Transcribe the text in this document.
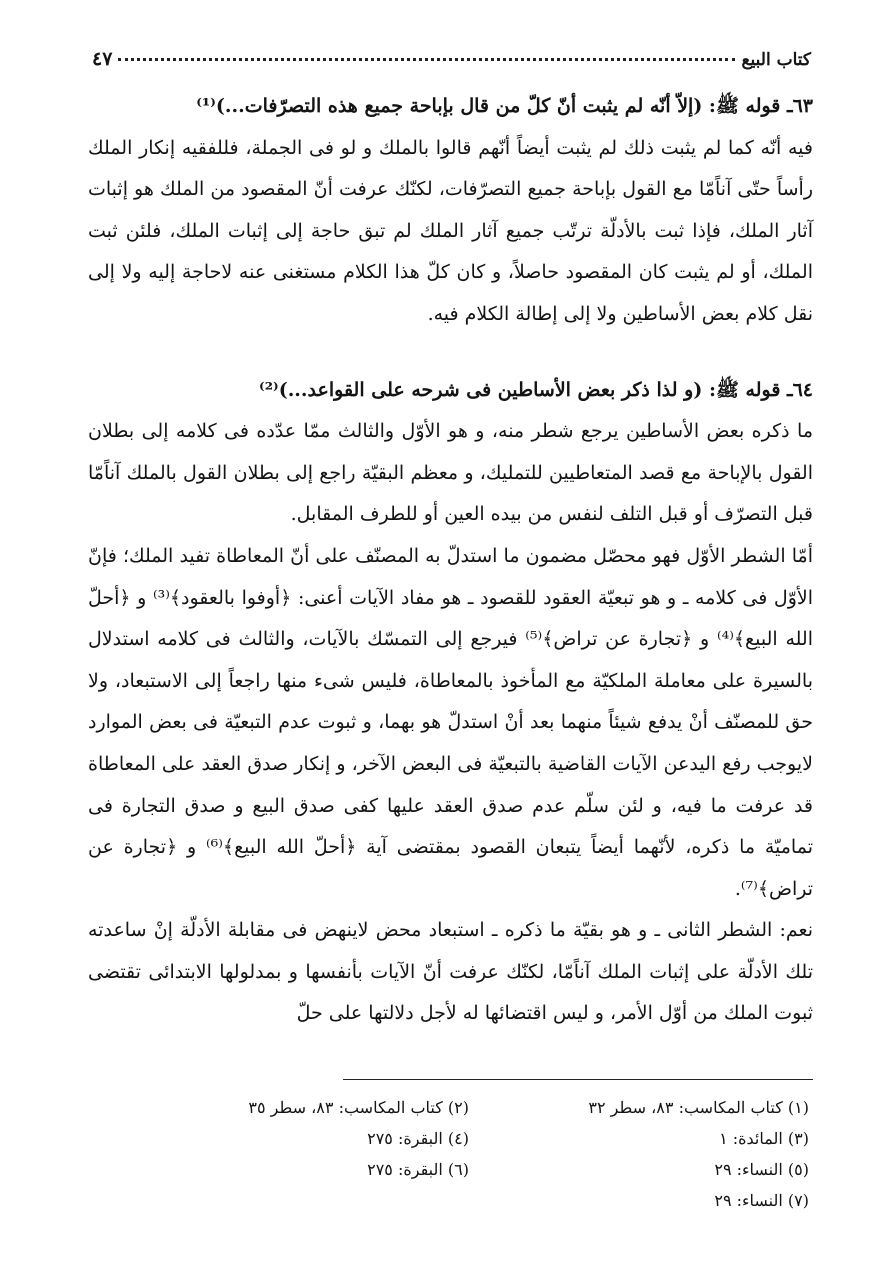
كتاب البيع
٤٧

٦٣ـ قوله ﷺ: (إلاّ أنّه لم يثبت أنّ كلّ من قال بإباحة جميع هذه التصرّفات...)⁽¹⁾

فيه أنّه كما لم يثبت ذلك لم يثبت أيضاً أنّهم قالوا بالملك و لو فى الجملة، فللفقيه إنكار الملك رأساً حتّى آناًمّا مع القول بإباحة جميع التصرّفات، لكنّك عرفت أنّ المقصود من الملك هو إثبات آثار الملك، فإذا ثبت بالأدلّة ترتّب جميع آثار الملك لم تبق حاجة إلى إثبات الملك، فلئن ثبت الملك، أو لم يثبت كان المقصود حاصلاً، و كان كلّ هذا الكلام مستغنى عنه لاحاجة إليه ولا إلى نقل كلام بعض الأساطين ولا إلى إطالة الكلام فيه.

٦٤ـ قوله ﷺ: (و لذا ذكر بعض الأساطين فى شرحه على القواعد...)⁽²⁾

ما ذكره بعض الأساطين يرجع شطر منه، و هو الأوّل والثالث ممّا عدّده فى كلامه إلى بطلان القول بالإباحة مع قصد المتعاطيين للتمليك، و معظم البقيّة راجع إلى بطلان القول بالملك آناًمّا قبل التصرّف أو قبل التلف لنفس من بيده العين أو للطرف المقابل.

أمّا الشطر الأوّل فهو محصّل مضمون ما استدلّ به المصنّف على أنّ المعاطاة تفيد الملك؛ فإنّ الأوّل فى كلامه ـ و هو تبعيّة العقود للقصود ـ هو مفاد الآيات أعنى: ﴿أوفوا بالعقود﴾⁽³⁾ و ﴿أحلّ الله البيع﴾⁽⁴⁾ و ﴿تجارة عن تراض﴾⁽⁵⁾ فيرجع إلى التمسّك بالآيات، والثالث فى كلامه استدلال بالسيرة على معاملة الملكيّة مع المأخوذ بالمعاطاة، فليس شىء منها راجعاً إلى الاستبعاد، ولا حق للمصنّف أنْ يدفع شيئاً منهما بعد أنْ استدلّ هو بهما، و ثبوت عدم التبعيّة فى بعض الموارد لايوجب رفع اليدعن الآيات القاضية بالتبعيّة فى البعض الآخر، و إنكار صدق العقد على المعاطاة قد عرفت ما فيه، و لئن سلّم عدم صدق العقد عليها كفى صدق البيع و صدق التجارة فى تماميّة ما ذكره، لأنّهما أيضاً يتبعان القصود بمقتضى آية ﴿أحلّ الله البيع﴾⁽⁶⁾ و ﴿تجارة عن تراض﴾⁽⁷⁾.

نعم: الشطر الثانى ـ و هو بقيّة ما ذكره ـ استبعاد محض لاينهض فى مقابلة الأدلّة إنْ ساعدته تلك الأدلّة على إثبات الملك آناًمّا، لكنّك عرفت أنّ الآيات بأنفسها و بمدلولها الابتدائى تقتضى ثبوت الملك من أوّل الأمر، و ليس اقتضائها له لأجل دلالتها على حلّ

(١) كتاب المكاسب: ٨٣، سطر ٣٢
(٢) كتاب المكاسب: ٨٣، سطر ٣٥
(٣) المائدة: ١
(٤) البقرة: ٢٧٥
(٥) النساء: ٢٩
(٦) البقرة: ٢٧٥
(٧) النساء: ٢٩
